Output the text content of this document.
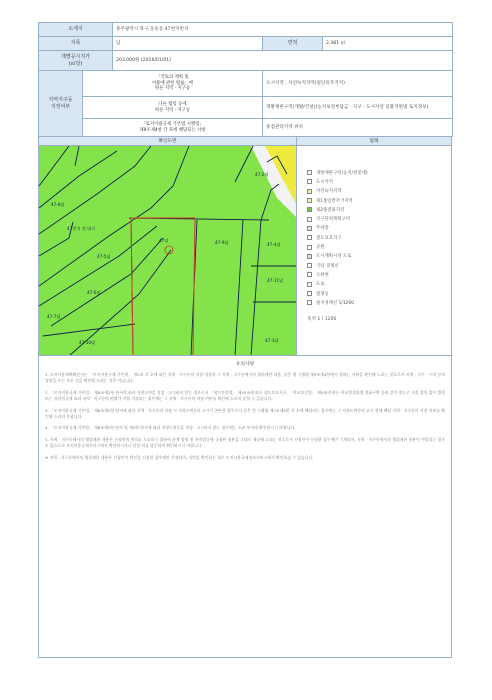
소재지		충주광역시 북구 동동동 47번지번지		
지목		답	면적	2,381 ㎡
개별공시지가
(㎡당)		203,000원 (2016/01/01)		
지역지구등
지정여부	「국토의 계획 및
이용에 관한 법률」에
따른 지역 · 지구등		도시지역 , 자연녹지지역(일단의주거지)	
	다른 법령 등에
따른 지역 · 지구등		개발제한구역(개발/건설)(농지보전부담금 · 지구 · 도시자연 일괄지원법 토지정보)	
	「토지이용규제 기본법 시행령」
제9조제4항 각 호에 해당되는 사항		중점관리지역 위치	
확인도면	범례
47번지 전 대지
47-8답
47답
47-5답
47-6답
47-9답	47-4답
47-11답
47-3답
47-7답
47-2답
47-10답
개발제한구역(농지/전봇대)
도시지역
자연녹지지역
제1종일반주거지역
제2종전용지역
지구단위계획구역
주차장
철도보호지구
공원
도시계획시설 도로
기타 경계선
소하천
도로
법정동
필지경계선 1/1200
축척 1 / 1200
유의사항

1. 토지이용계획확인서는 「토지이용규제 기본법」 제5조 각 호에 따른 지역 · 지구등의 지정 내용과 그 지역 · 지구등에서의 행위제한 내용, 같은 법 시행령 제9조제4항에서 정하는 사항을 확인해 드리는 것으로서 지역 · 지구 · 구역 등의 명칭을 쓰는 모든 것을 확인해 드리는 것은 아닙니다.

2. 「토지이용규제 기본법」 제8조제2항 단서에 따라 지형도면을 작성 · 고시하지 않는 경우로서 「철도안전법」 제45조에 따른 철도보호지구, 「학교보건법」 제5조에 따른 학교환경위생 정화구역 등과 같이 별도로 지정 절차 없이 법령 또는 자치법규에 따라 지역 · 지구등의 범위가 직접 지정되는 경우에는 그 지역 · 지구등의 지정 여부를 확인해 드리지 못할 수 있습니다.

3. 「토지이용규제 기본법」 제8조제3항 단서에 따라 지역 · 지구등의 지정 시 지형도면등의 고시가 곤란한 경우로서 같은 법 시행령 제7조제4항 각 호에 해당되는 경우에는 그 지형도면등의 고시 전에 해당 지역 · 지구등의 지정 여부를 확인해 드리지 못합니다.

4. 「토지이용규제 기본법」 제8조제2항 단서 및 제3항 단서에 따라 지형도면등을 작성 · 고시하지 않는 경우에는 소관 부서에 확인하시기 바랍니다.

5. 지역 · 지구등에서의 행위제한 내용은 신청인의 편의를 도모하기 위하여 관계 법령 및 자치법규에 규정된 내용을 그대로 제공해 드리는 것으로서 신청인이 신청한 경우에만 기재되며, 지역 · 지구등에서의 행위제한 내용이 변경되는 경우도 있으므로 토지이용규제서비스에서 확인하시거나 담당 과를 방문하여 확인하시기 바랍니다.

※ 지역 · 지구등에서의 행위제한 내용은 신청인이 확인을 신청한 경우에만 기재되며, 지번을 확인하는 경우 토지이용규제정보서비스에서 확인하실 수 있습니다.
